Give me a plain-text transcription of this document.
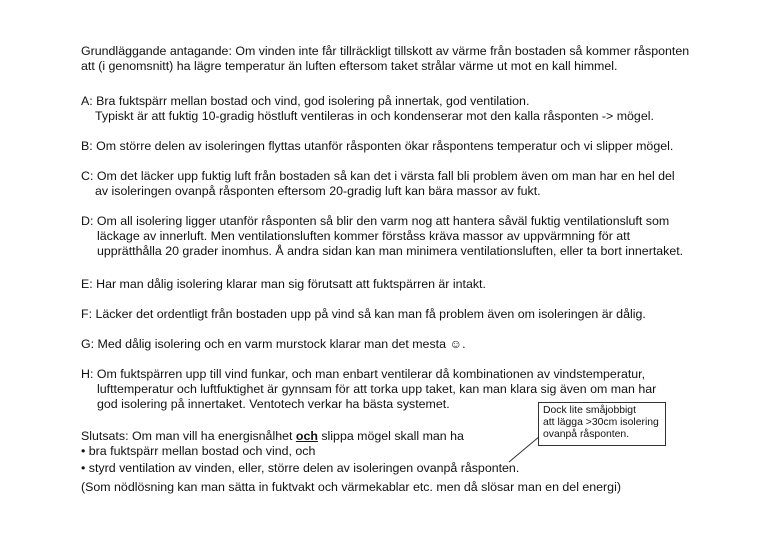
Grundläggande antagande: Om vinden inte får tillräckligt tillskott av värme från bostaden så kommer råsponten
att (i genomsnitt) ha lägre temperatur än luften eftersom taket strålar värme ut mot en kall himmel.
A: Bra fuktspärr mellan bostad och vind, god isolering på innertak, god ventilation.
Typiskt är att fuktig 10-gradig höstluft ventileras in och kondenserar mot den kalla råsponten -> mögel.
B: Om större delen av isoleringen flyttas utanför råsponten ökar råspontens temperatur och vi slipper mögel.
C: Om det läcker upp fuktig luft från bostaden så kan det i värsta fall bli problem även om man har en hel del
av isoleringen ovanpå råsponten eftersom 20-gradig luft kan bära massor av fukt.
D: Om all isolering ligger utanför råsponten så blir den varm nog att hantera såväl fuktig ventilationsluft som
läckage av innerluft. Men ventilationsluften kommer förståss kräva massor av uppvärmning för att
upprätthålla 20 grader inomhus. Å andra sidan kan man minimera ventilationsluften, eller ta bort innertaket.
E: Har man dålig isolering klarar man sig förutsatt att fuktspärren är intakt.
F: Läcker det ordentligt från bostaden upp på vind så kan man få problem även om isoleringen är dålig.
G: Med dålig isolering och en varm murstock klarar man det mesta ☺.
H: Om fuktspärren upp till vind funkar, och man enbart ventilerar då kombinationen av vindstemperatur,
lufttemperatur och luftfuktighet är gynnsam för att torka upp taket, kan man klara sig även om man har
god isolering på innertaket. Ventotech verkar ha bästa systemet.
Slutsats: Om man vill ha energisnålhet och slippa mögel skall man ha
• bra fuktspärr mellan bostad och vind, och
• styrd ventilation av vinden, eller, större delen av isoleringen ovanpå råsponten.
(Som nödlösning kan man sätta in fuktvakt och värmekablar etc. men då slösar man en del energi)
Dock lite småjobbigt
att lägga >30cm isolering
ovanpå råsponten.
